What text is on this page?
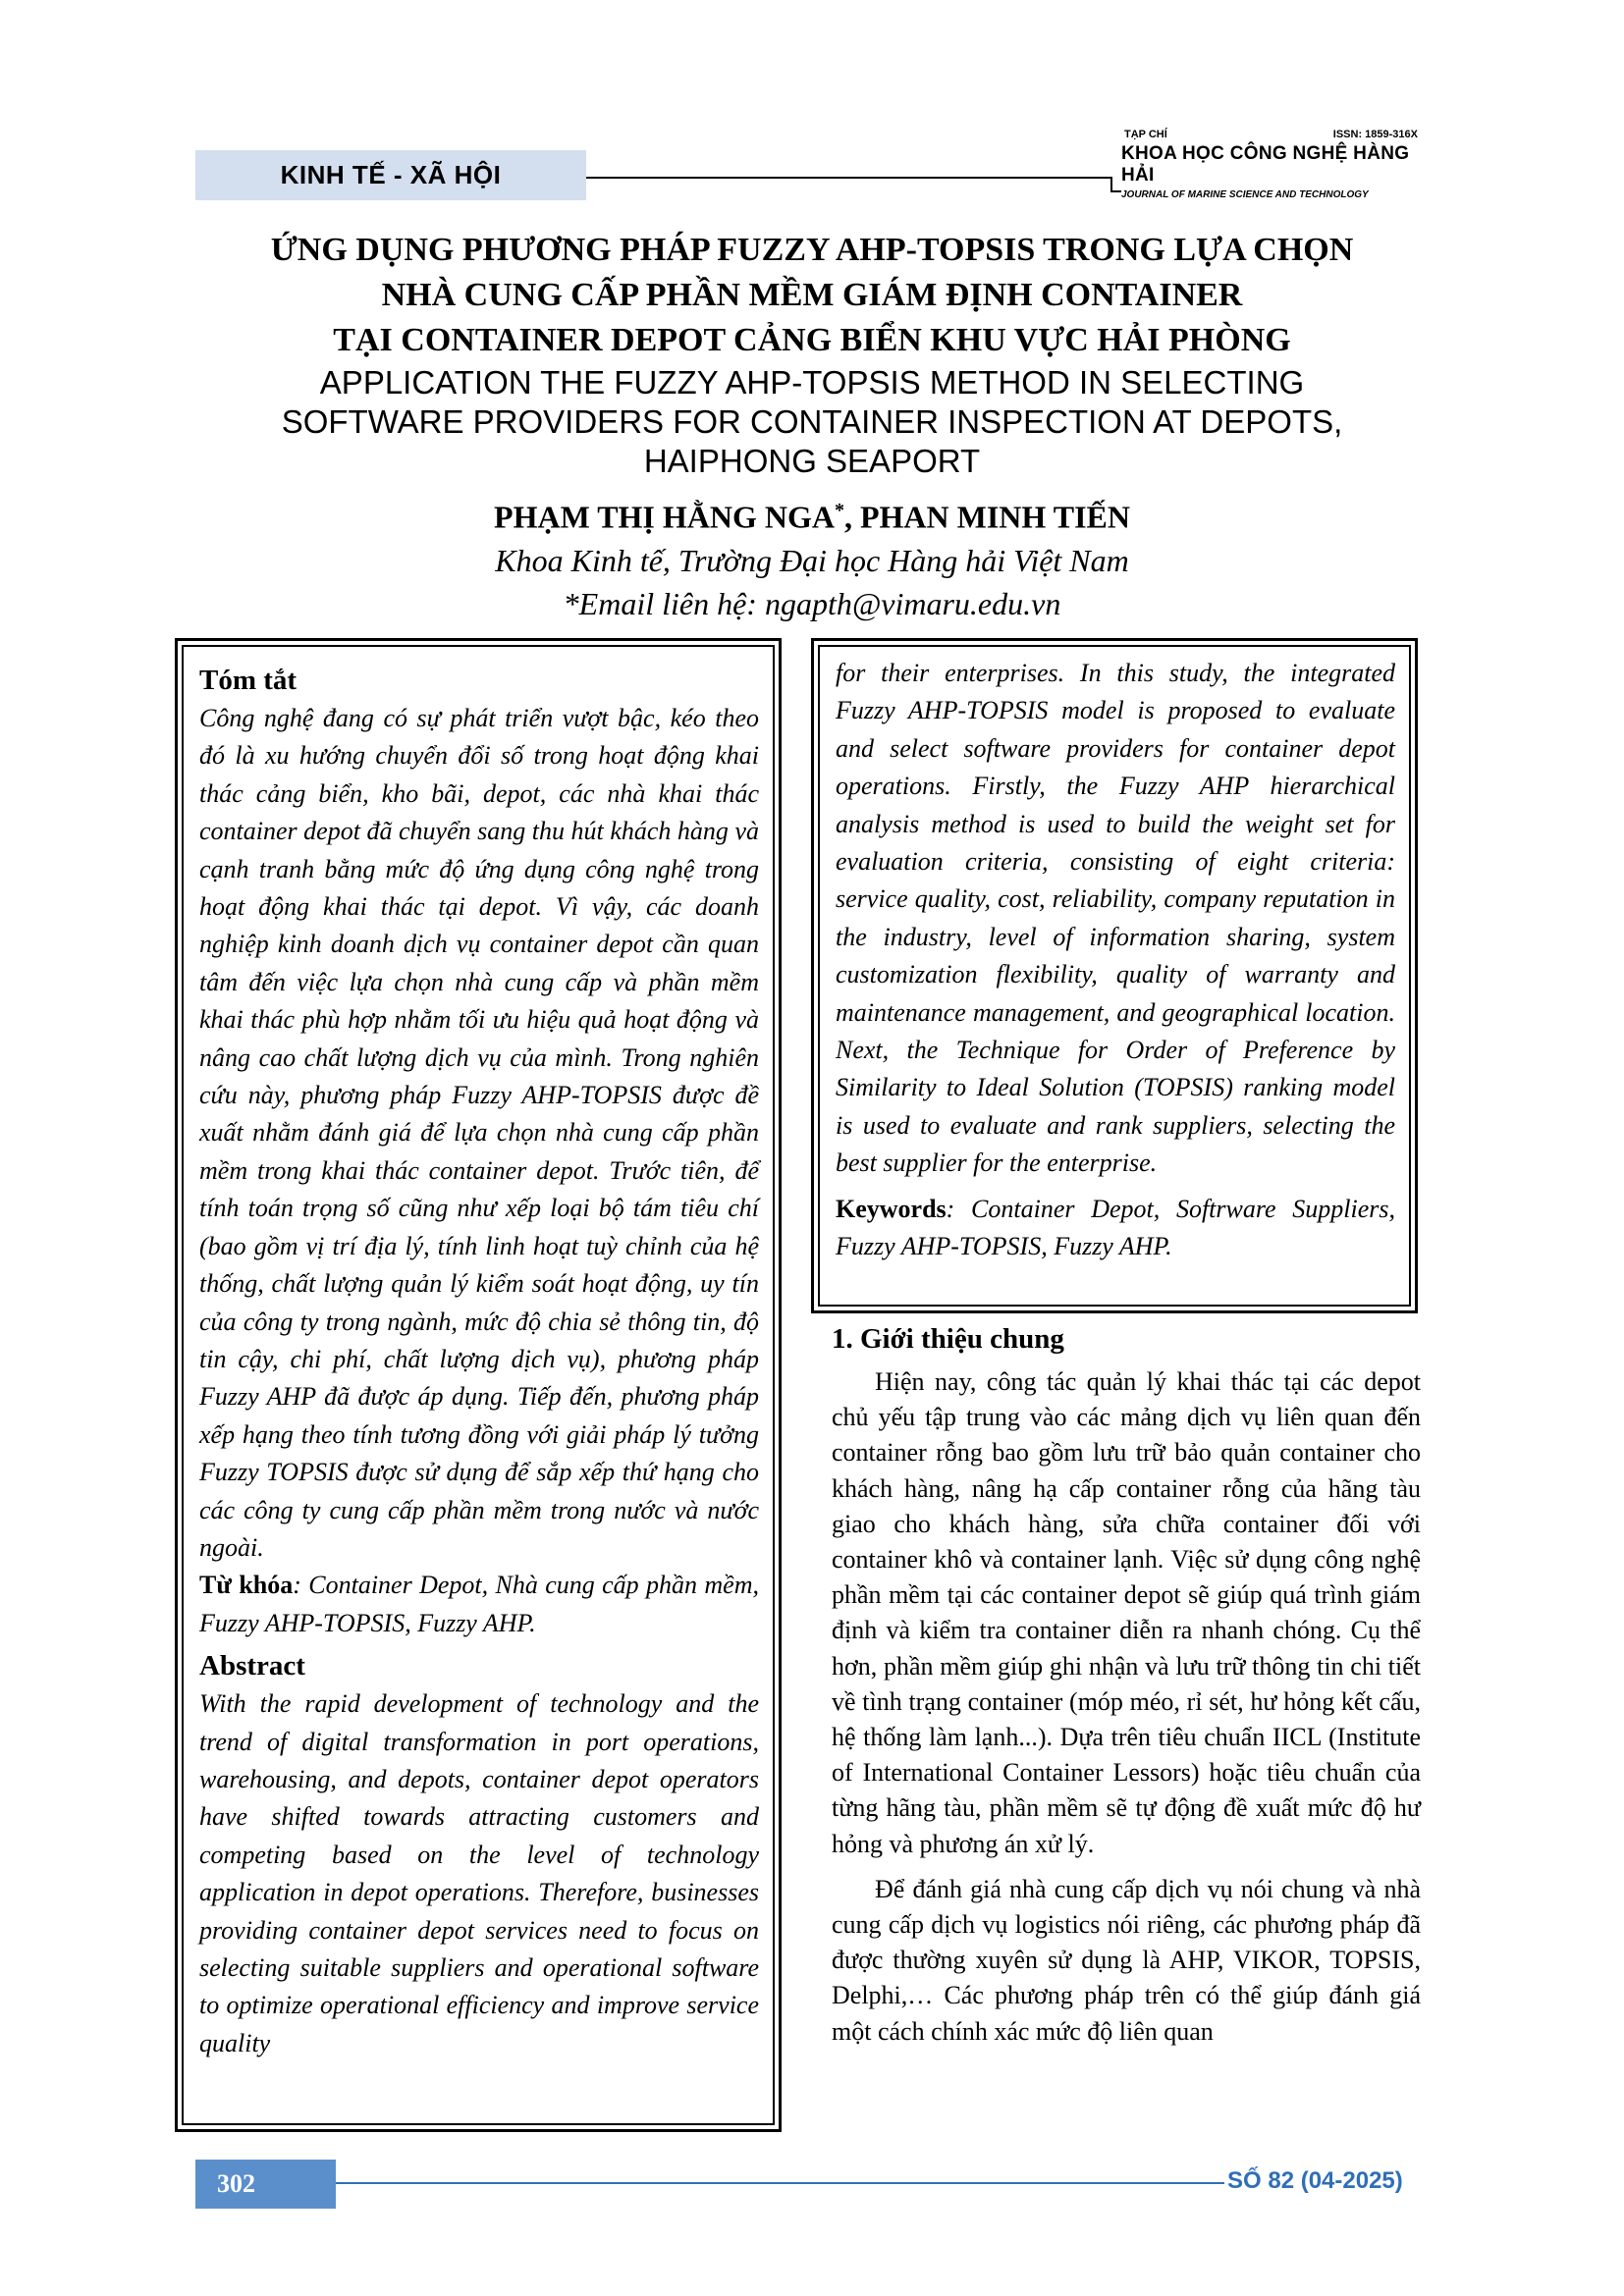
KINH TẾ - XÃ HỘI
TẠP CHÍ	ISSN: 1859-316X
KHOA HỌC CÔNG NGHỆ HÀNG HẢI
JOURNAL OF MARINE SCIENCE AND TECHNOLOGY
ỨNG DỤNG PHƯƠNG PHÁP FUZZY AHP-TOPSIS TRONG LỰA CHỌN
NHÀ CUNG CẤP PHẦN MỀM GIÁM ĐỊNH CONTAINER
TẠI CONTAINER DEPOT CẢNG BIỂN KHU VỰC HẢI PHÒNG
APPLICATION THE FUZZY AHP-TOPSIS METHOD IN SELECTING
SOFTWARE PROVIDERS FOR CONTAINER INSPECTION AT DEPOTS,
HAIPHONG SEAPORT
PHẠM THỊ HẰNG NGA*, PHAN MINH TIẾN
Khoa Kinh tế, Trường Đại học Hàng hải Việt Nam
*Email liên hệ: ngapth@vimaru.edu.vn
Tóm tắt

Công nghệ đang có sự phát triển vượt bậc, kéo theo đó là xu hướng chuyển đổi số trong hoạt động khai thác cảng biển, kho bãi, depot, các nhà khai thác container depot đã chuyển sang thu hút khách hàng và cạnh tranh bằng mức độ ứng dụng công nghệ trong hoạt động khai thác tại depot. Vì vậy, các doanh nghiệp kinh doanh dịch vụ container depot cần quan tâm đến việc lựa chọn nhà cung cấp và phần mềm khai thác phù hợp nhằm tối ưu hiệu quả hoạt động và nâng cao chất lượng dịch vụ của mình. Trong nghiên cứu này, phương pháp Fuzzy AHP-TOPSIS được đề xuất nhằm đánh giá để lựa chọn nhà cung cấp phần mềm trong khai thác container depot. Trước tiên, để tính toán trọng số cũng như xếp loại bộ tám tiêu chí (bao gồm vị trí địa lý, tính linh hoạt tuỳ chỉnh của hệ thống, chất lượng quản lý kiểm soát hoạt động, uy tín của công ty trong ngành, mức độ chia sẻ thông tin, độ tin cậy, chi phí, chất lượng dịch vụ), phương pháp Fuzzy AHP đã được áp dụng. Tiếp đến, phương pháp xếp hạng theo tính tương đồng với giải pháp lý tưởng Fuzzy TOPSIS được sử dụng để sắp xếp thứ hạng cho các công ty cung cấp phần mềm trong nước và nước ngoài.

Từ khóa: Container Depot, Nhà cung cấp phần mềm, Fuzzy AHP-TOPSIS, Fuzzy AHP.

Abstract

With the rapid development of technology and the trend of digital transformation in port operations, warehousing, and depots, container depot operators have shifted towards attracting customers and competing based on the level of technology application in depot operations. Therefore, businesses providing container depot services need to focus on selecting suitable suppliers and operational software to optimize operational efficiency and improve service quality

for their enterprises. In this study, the integrated Fuzzy AHP-TOPSIS model is proposed to evaluate and select software providers for container depot operations. Firstly, the Fuzzy AHP hierarchical analysis method is used to build the weight set for evaluation criteria, consisting of eight criteria: service quality, cost, reliability, company reputation in the industry, level of information sharing, system customization flexibility, quality of warranty and maintenance management, and geographical location. Next, the Technique for Order of Preference by Similarity to Ideal Solution (TOPSIS) ranking model is used to evaluate and rank suppliers, selecting the best supplier for the enterprise.

Keywords: Container Depot, Softrware Suppliers, Fuzzy AHP-TOPSIS, Fuzzy AHP.

1. Giới thiệu chung

Hiện nay, công tác quản lý khai thác tại các depot chủ yếu tập trung vào các mảng dịch vụ liên quan đến container rỗng bao gồm lưu trữ bảo quản container cho khách hàng, nâng hạ cấp container rỗng của hãng tàu giao cho khách hàng, sửa chữa container đối với container khô và container lạnh. Việc sử dụng công nghệ phần mềm tại các container depot sẽ giúp quá trình giám định và kiểm tra container diễn ra nhanh chóng. Cụ thể hơn, phần mềm giúp ghi nhận và lưu trữ thông tin chi tiết về tình trạng container (móp méo, rỉ sét, hư hỏng kết cấu, hệ thống làm lạnh...). Dựa trên tiêu chuẩn IICL (Institute of International Container Lessors) hoặc tiêu chuẩn của từng hãng tàu, phần mềm sẽ tự động đề xuất mức độ hư hỏng và phương án xử lý.

Để đánh giá nhà cung cấp dịch vụ nói chung và nhà cung cấp dịch vụ logistics nói riêng, các phương pháp đã được thường xuyên sử dụng là AHP, VIKOR, TOPSIS, Delphi,… Các phương pháp trên có thể giúp đánh giá một cách chính xác mức độ liên quan

302	SỐ 82 (04-2025)
